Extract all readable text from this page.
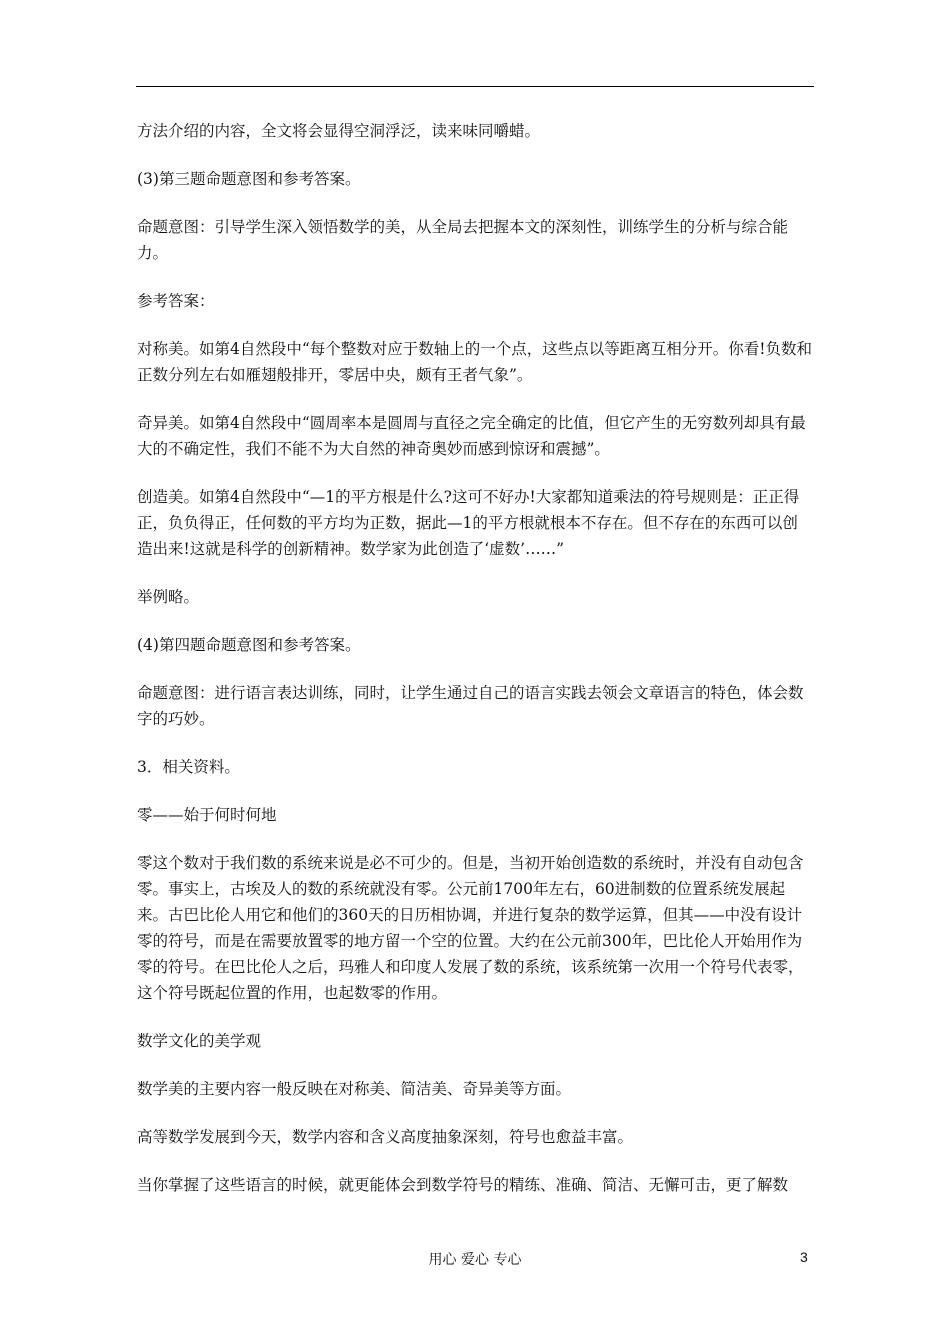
方法介绍的内容，全文将会显得空洞浮泛，读来味同嚼蜡。

(3)第三题命题意图和参考答案。

命题意图：引导学生深入领悟数学的美，从全局去把握本文的深刻性，训练学生的分析与综合能力。

参考答案：

对称美。如第4自然段中“每个整数对应于数轴上的一个点，这些点以等距离互相分开。你看!负数和正数分列左右如雁翅般排开，零居中央，颇有王者气象”。

奇异美。如第4自然段中“圆周率本是圆周与直径之完全确定的比值，但它产生的无穷数列却具有最大的不确定性，我们不能不为大自然的神奇奥妙而感到惊讶和震撼”。

创造美。如第4自然段中“—1的平方根是什么?这可不好办!大家都知道乘法的符号规则是：正正得正，负负得正，任何数的平方均为正数，据此—1的平方根就根本不存在。但不存在的东西可以创造出来!这就是科学的创新精神。数学家为此创造了‘虚数’……”

举例略。

(4)第四题命题意图和参考答案。

命题意图：进行语言表达训练，同时，让学生通过自己的语言实践去领会文章语言的特色，体会数字的巧妙。

3．相关资料。

零——始于何时何地

零这个数对于我们数的系统来说是必不可少的。但是，当初开始创造数的系统时，并没有自动包含零。事实上，古埃及人的数的系统就没有零。公元前1700年左右，60进制数的位置系统发展起来。古巴比伦人用它和他们的360天的日历相协调，并进行复杂的数学运算，但其——中没有设计零的符号，而是在需要放置零的地方留一个空的位置。大约在公元前300年，巴比伦人开始用作为零的符号。在巴比伦人之后，玛雅人和印度人发展了数的系统，该系统第一次用一个符号代表零，这个符号既起位置的作用，也起数零的作用。

数学文化的美学观

数学美的主要内容一般反映在对称美、简洁美、奇异美等方面。

高等数学发展到今天，数学内容和含义高度抽象深刻，符号也愈益丰富。

当你掌握了这些语言的时候，就更能体会到数学符号的精练、准确、简洁、无懈可击，更了解数

用心 爱心 专心	3
